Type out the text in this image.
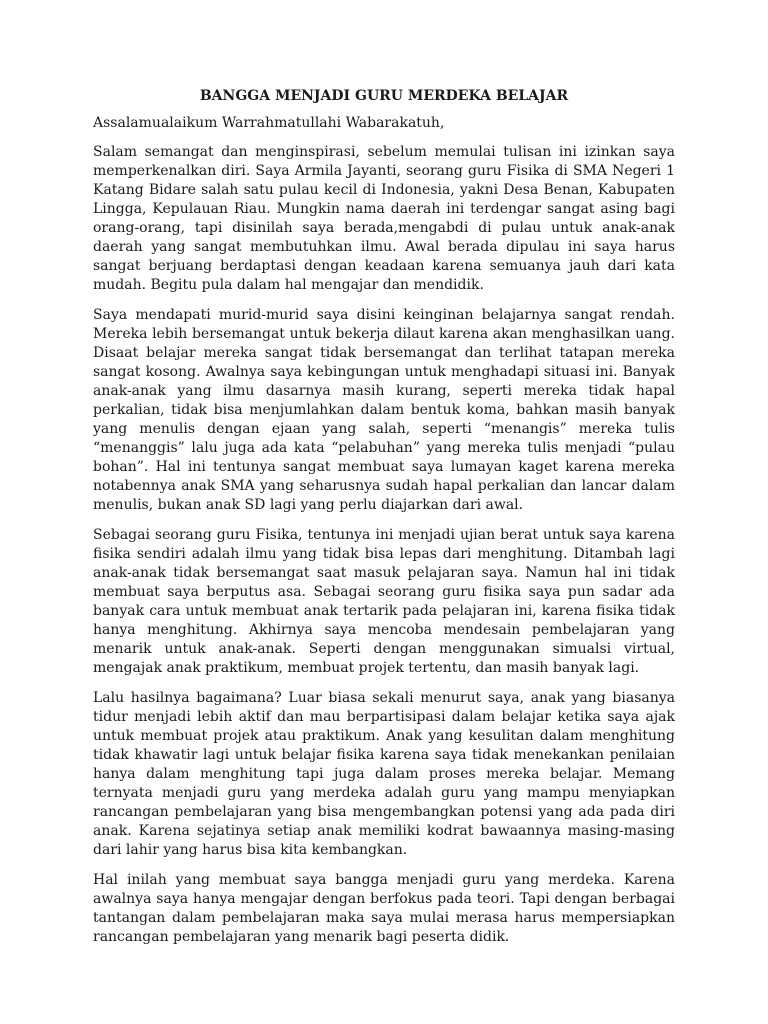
BANGGA MENJADI GURU MERDEKA BELAJAR
Assalamualaikum Warrahmatullahi Wabarakatuh,

Salam semangat dan menginspirasi, sebelum memulai tulisan ini izinkan saya memperkenalkan diri. Saya Armila Jayanti, seorang guru Fisika di SMA Negeri 1 Katang Bidare salah satu pulau kecil di Indonesia, yakni Desa Benan, Kabupaten Lingga, Kepulauan Riau. Mungkin nama daerah ini terdengar sangat asing bagi orang-orang, tapi disinilah saya berada,mengabdi di pulau untuk anak-anak daerah yang sangat membutuhkan ilmu. Awal berada dipulau ini saya harus sangat berjuang berdaptasi dengan keadaan karena semuanya jauh dari kata mudah. Begitu pula dalam hal mengajar dan mendidik.

Saya mendapati murid-murid saya disini keinginan belajarnya sangat rendah. Mereka lebih bersemangat untuk bekerja dilaut karena akan menghasilkan uang. Disaat belajar mereka sangat tidak bersemangat dan terlihat tatapan mereka sangat kosong. Awalnya saya kebingungan untuk menghadapi situasi ini. Banyak anak-anak yang ilmu dasarnya masih kurang, seperti mereka tidak hapal perkalian, tidak bisa menjumlahkan dalam bentuk koma, bahkan masih banyak yang menulis dengan ejaan yang salah, seperti “menangis” mereka tulis “menanggis” lalu juga ada kata “pelabuhan” yang mereka tulis menjadi “pulau bohan”. Hal ini tentunya sangat membuat saya lumayan kaget karena mereka notabennya anak SMA yang seharusnya sudah hapal perkalian dan lancar dalam menulis, bukan anak SD lagi yang perlu diajarkan dari awal.

Sebagai seorang guru Fisika, tentunya ini menjadi ujian berat untuk saya karena fisika sendiri adalah ilmu yang tidak bisa lepas dari menghitung. Ditambah lagi anak-anak tidak bersemangat saat masuk pelajaran saya. Namun hal ini tidak membuat saya berputus asa. Sebagai seorang guru fisika saya pun sadar ada banyak cara untuk membuat anak tertarik pada pelajaran ini, karena fisika tidak hanya menghitung. Akhirnya saya mencoba mendesain pembelajaran yang menarik untuk anak-anak. Seperti dengan menggunakan simualsi virtual, mengajak anak praktikum, membuat projek tertentu, dan masih banyak lagi.

Lalu hasilnya bagaimana? Luar biasa sekali menurut saya, anak yang biasanya tidur menjadi lebih aktif dan mau berpartisipasi dalam belajar ketika saya ajak untuk membuat projek atau praktikum. Anak yang kesulitan dalam menghitung tidak khawatir lagi untuk belajar fisika karena saya tidak menekankan penilaian hanya dalam menghitung tapi juga dalam proses mereka belajar. Memang ternyata menjadi guru yang merdeka adalah guru yang mampu menyiapkan rancangan pembelajaran yang bisa mengembangkan potensi yang ada pada diri anak. Karena sejatinya setiap anak memiliki kodrat bawaannya masing-masing dari lahir yang harus bisa kita kembangkan.

Hal inilah yang membuat saya bangga menjadi guru yang merdeka. Karena awalnya saya hanya mengajar dengan berfokus pada teori. Tapi dengan berbagai tantangan dalam pembelajaran maka saya mulai merasa harus mempersiapkan rancangan pembelajaran yang menarik bagi peserta didik.
